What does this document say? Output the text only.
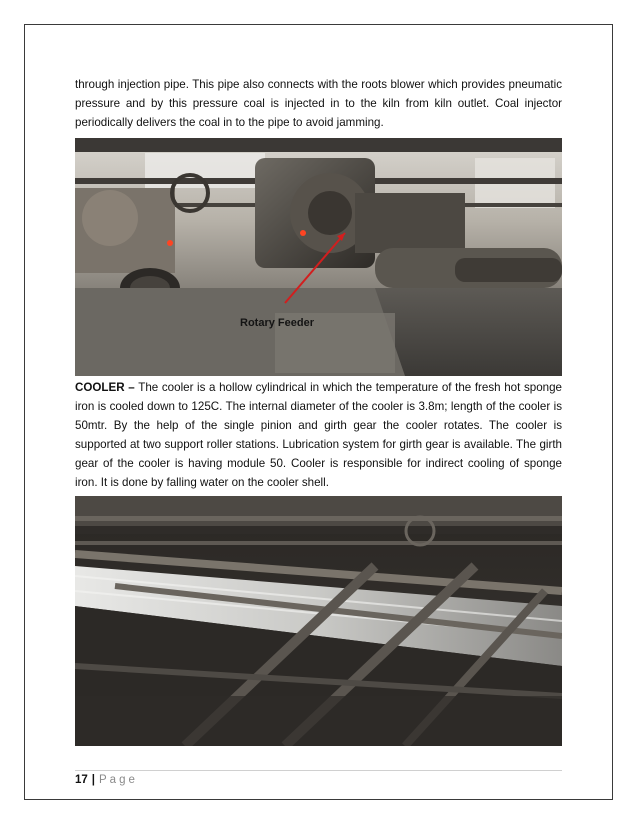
through injection pipe. This pipe also connects with the roots blower which provides pneumatic pressure and by this pressure coal is injected in to the kiln from kiln outlet. Coal injector periodically delivers the coal in to the pipe to avoid jamming.

Rotary Feeder

COOLER – The cooler is a hollow cylindrical in which the temperature of the fresh hot sponge iron is cooled down to 125C. The internal diameter of the cooler is 3.8m; length of the cooler is 50mtr. By the help of the single pinion and girth gear the cooler rotates. The cooler is supported at two support roller stations. Lubrication system for girth gear is available. The girth gear of the cooler is having module 50. Cooler is responsible for indirect cooling of sponge iron. It is done by falling water on the cooler shell.

17 | Page
